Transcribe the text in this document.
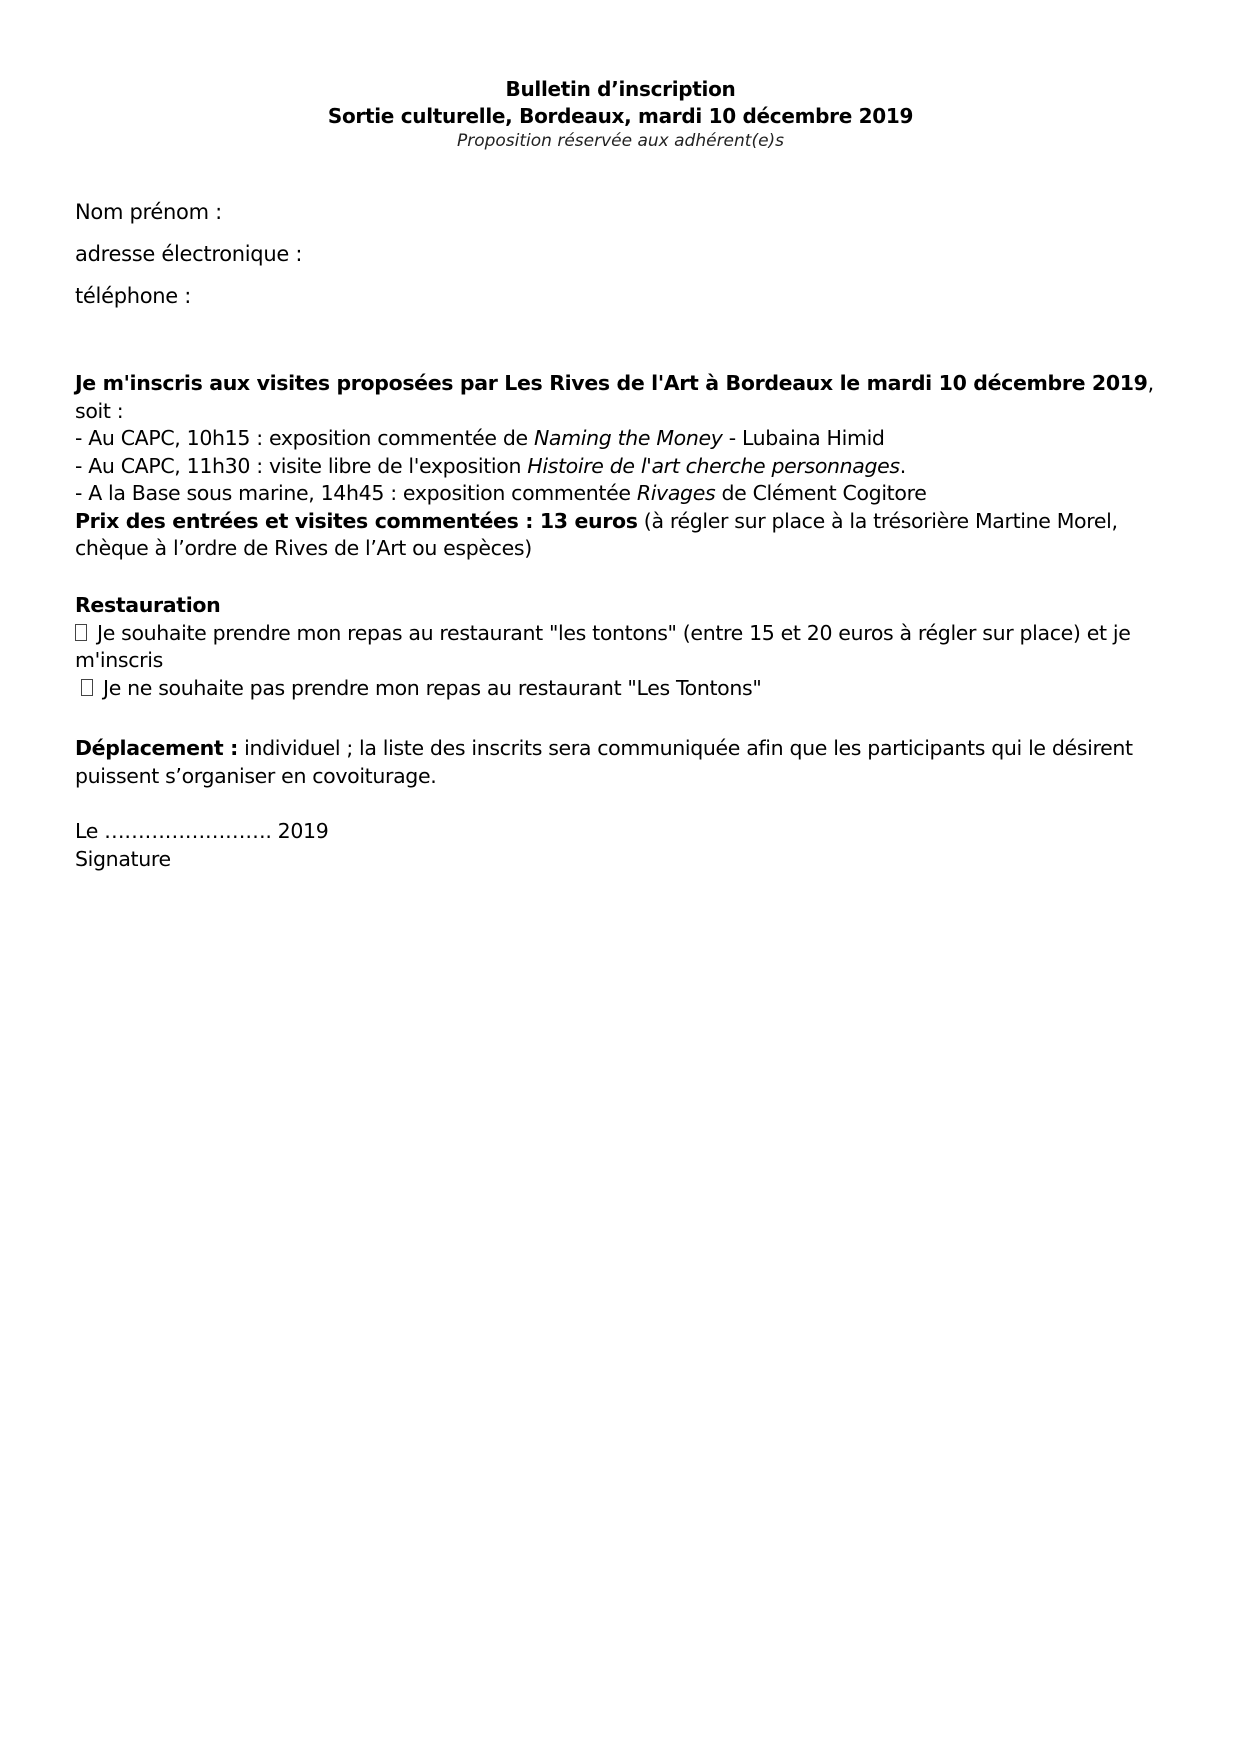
Bulletin d’inscription
Sortie culturelle, Bordeaux, mardi 10 décembre 2019
Proposition réservée aux adhérent(e)s
Nom prénom :
adresse électronique :
téléphone :

Je m'inscris aux visites proposées par Les Rives de l'Art à Bordeaux le mardi 10 décembre 2019,

soit :

- Au CAPC, 10h15 : exposition commentée de Naming the Money - Lubaina Himid

- Au CAPC, 11h30 : visite libre de l'exposition Histoire de l'art cherche personnages.

- A la Base sous marine, 14h45 : exposition commentée Rivages de Clément Cogitore

Prix des entrées et visites commentées : 13 euros (à régler sur place à la trésorière Martine Morel, chèque à l’ordre de Rives de l’Art ou espèces)

Restauration

Je souhaite prendre mon repas au restaurant "les tontons" (entre 15 et 20 euros à régler sur place) et je m'inscris

Je ne souhaite pas prendre mon repas au restaurant "Les Tontons"

Déplacement : individuel ; la liste des inscrits sera communiquée afin que les participants qui le désirent puissent s’organiser en covoiturage.

Le ……………………. 2019

Signature
